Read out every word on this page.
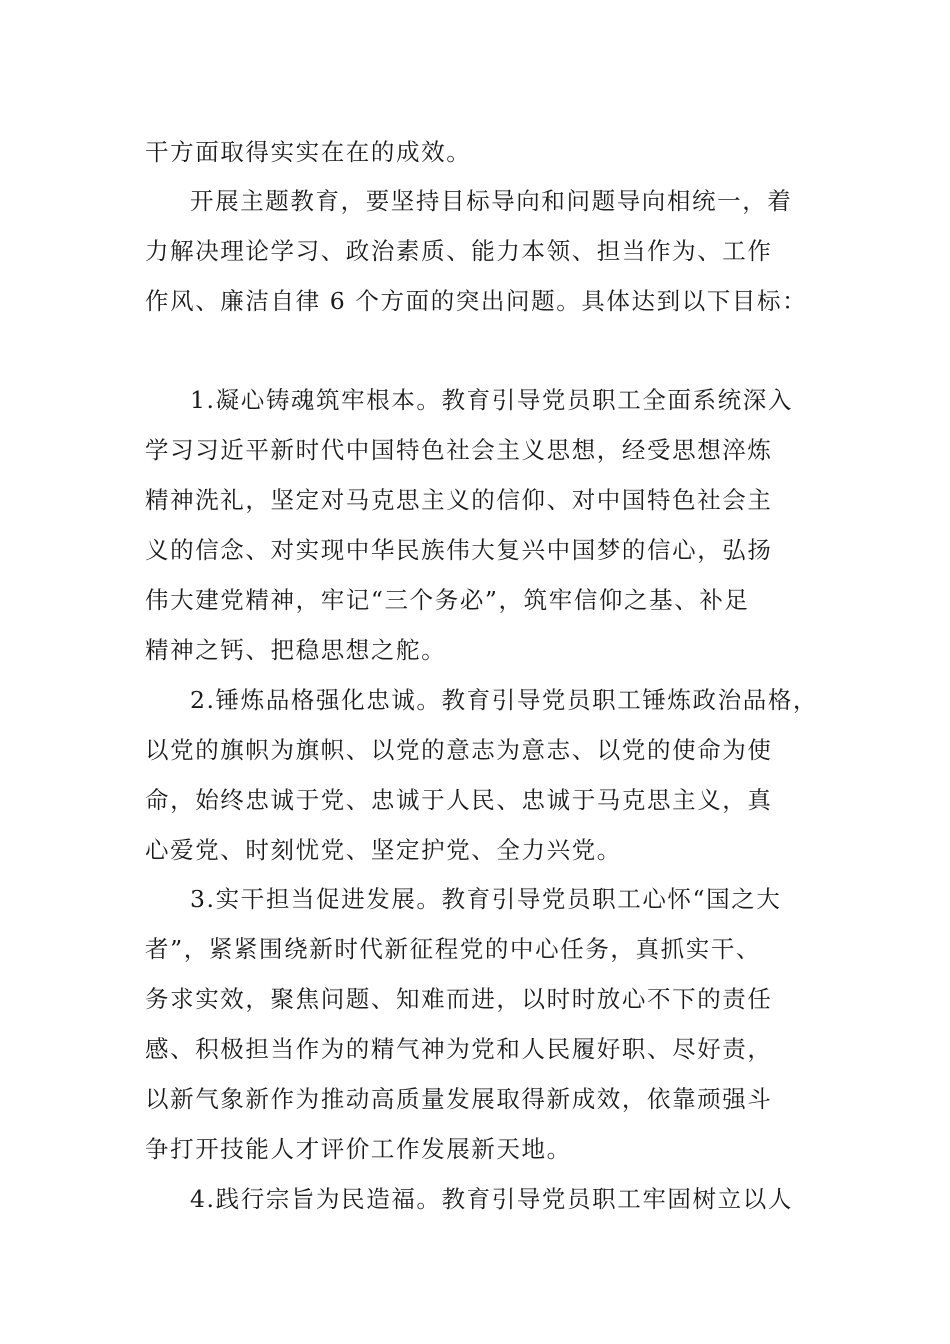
干方面取得实实在在的成效。
开展主题教育，要坚持目标导向和问题导向相统一，着
力解决理论学习、政治素质、能力本领、担当作为、工作
作风、廉洁自律 6 个方面的突出问题。具体达到以下目标：
1.凝心铸魂筑牢根本。教育引导党员职工全面系统深入
学习习近平新时代中国特色社会主义思想，经受思想淬炼
精神洗礼，坚定对马克思主义的信仰、对中国特色社会主
义的信念、对实现中华民族伟大复兴中国梦的信心，弘扬
伟大建党精神，牢记“三个务必”，筑牢信仰之基、补足
精神之钙、把稳思想之舵。
2.锤炼品格强化忠诚。教育引导党员职工锤炼政治品格，
以党的旗帜为旗帜、以党的意志为意志、以党的使命为使
命，始终忠诚于党、忠诚于人民、忠诚于马克思主义，真
心爱党、时刻忧党、坚定护党、全力兴党。
3.实干担当促进发展。教育引导党员职工心怀“国之大
者”，紧紧围绕新时代新征程党的中心任务，真抓实干、
务求实效，聚焦问题、知难而进，以时时放心不下的责任
感、积极担当作为的精气神为党和人民履好职、尽好责，
以新气象新作为推动高质量发展取得新成效，依靠顽强斗
争打开技能人才评价工作发展新天地。
4.践行宗旨为民造福。教育引导党员职工牢固树立以人
